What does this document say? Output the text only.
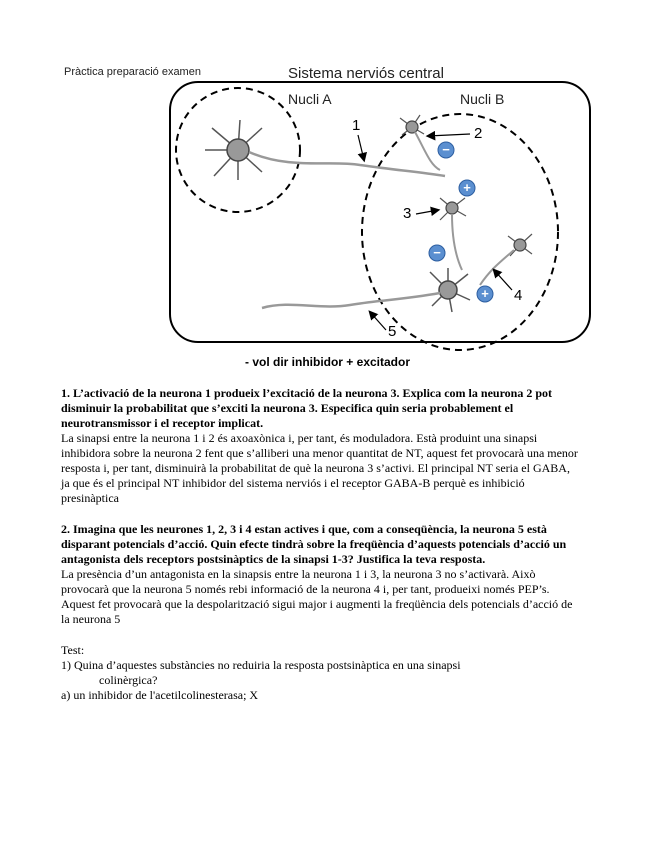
Pràctica preparació examen	Sistema nerviós central
Nucli A	Nucli B
−
+
−
+
1	2
3
4
5
- vol dir inhibidor + excitador

1. L’activació de la neurona 1 produeix l’excitació de la neurona 3. Explica com la neurona 2 pot disminuir la probabilitat que s’exciti la neurona 3. Especifica quin seria probablement el neurotransmissor i el receptor implicat.

La sinapsi entre la neurona 1 i 2 és axoaxònica i, per tant, és moduladora. Està produint una sinapsi inhibidora sobre la neurona 2 fent que s’alliberi una menor quantitat de NT, aquest fet provocarà una menor resposta i, per tant, disminuirà la probabilitat de què la neurona 3 s’activi. El principal NT seria el GABA, ja que és el principal NT inhibidor del sistema nerviós i el receptor GABA-B perquè es inhibició presinàptica

2. Imagina que les neurones 1, 2, 3 i 4 estan actives i que, com a conseqüència, la neurona 5 està disparant potencials d’acció. Quin efecte tindrà sobre la freqüència d’aquests potencials d’acció un antagonista dels receptors postsinàptics de la sinapsi 1-3? Justifica la teva resposta.

La presència d’un antagonista en la sinapsis entre la neurona 1 i 3, la neurona 3 no s’activarà. Això provocarà que la neurona 5 només rebi informació de la neurona 4 i, per tant, produeixi només PEP’s. Aquest fet provocarà que la despolarització sigui major i augmenti la freqüència dels potencials d’acció de la neurona 5

Test:

1) Quina d’aquestes substàncies no reduiria la resposta postsinàptica en una sinapsi

colinèrgica?

a) un inhibidor de l'acetilcolinesterasa; X
